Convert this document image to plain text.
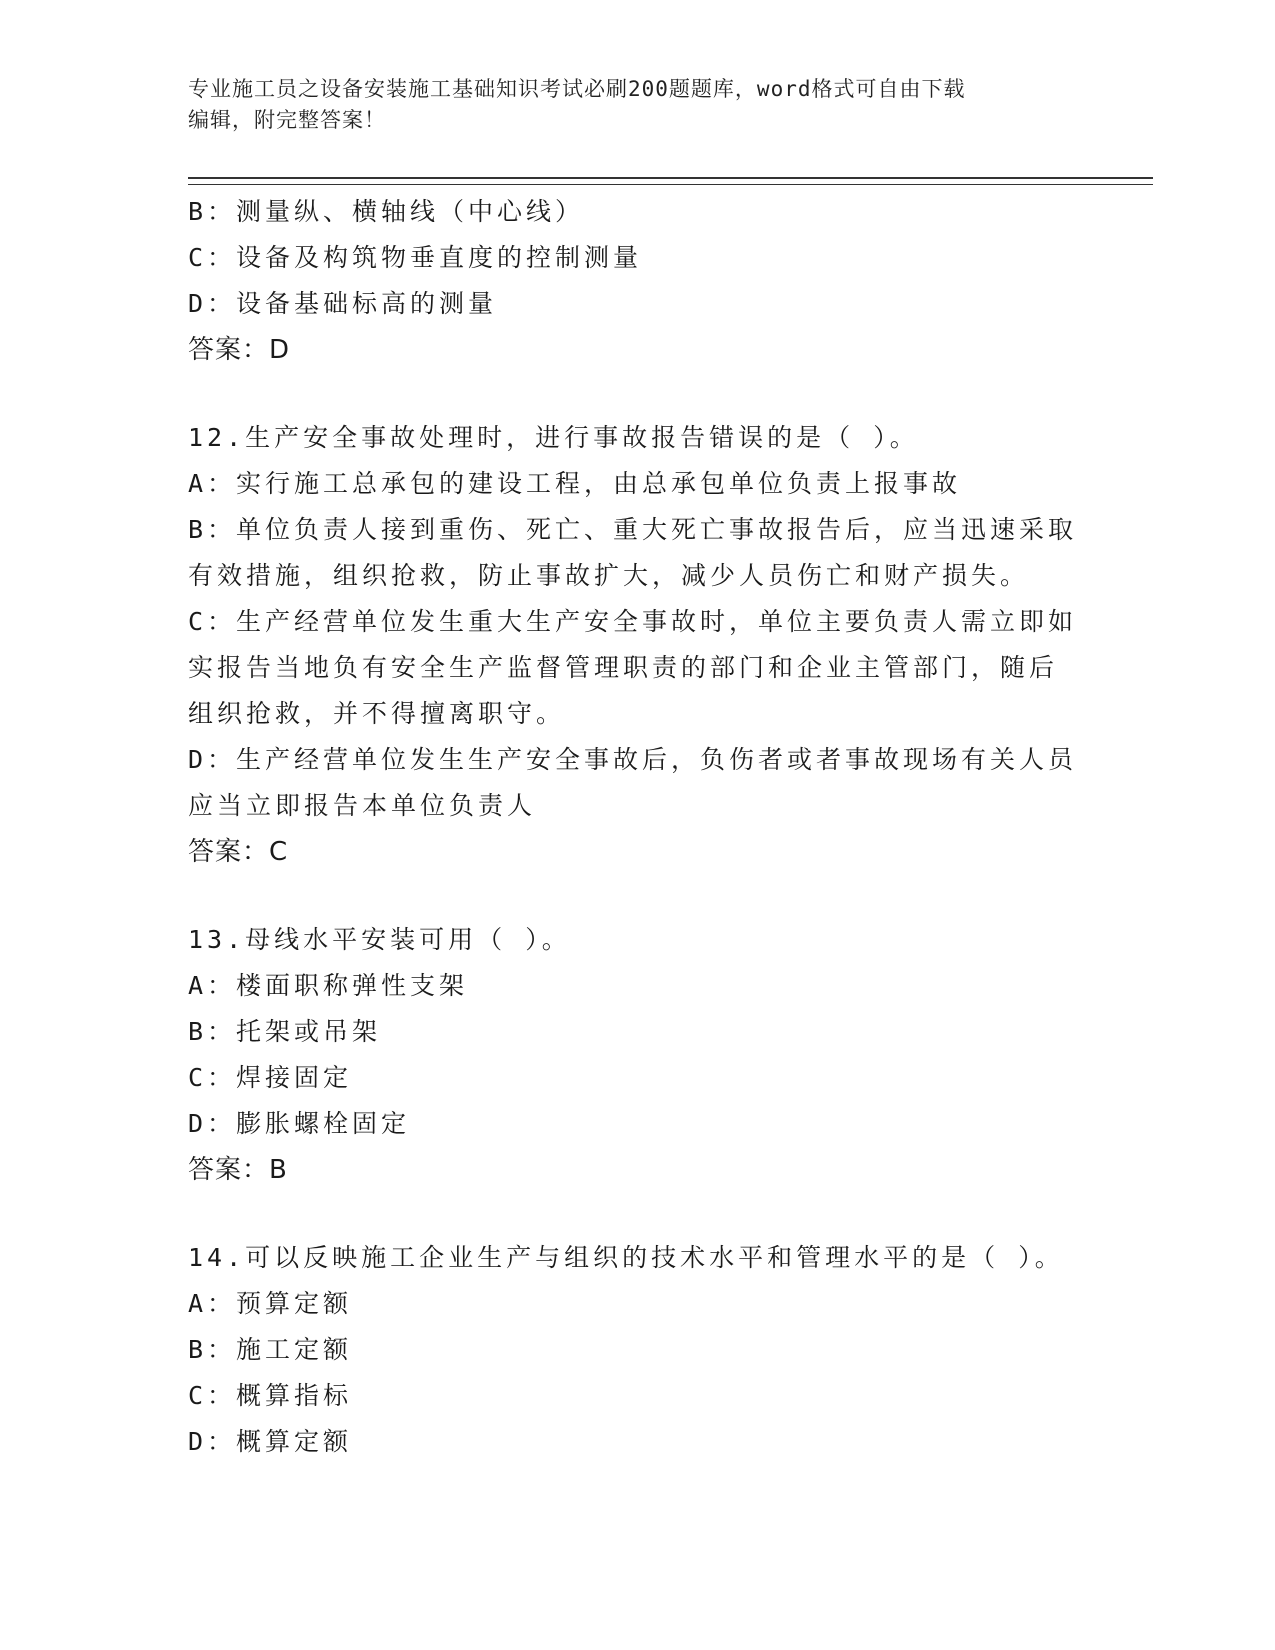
专业施工员之设备安装施工基础知识考试必刷200题题库，word格式可自由下载
编辑，附完整答案！

B：测量纵、横轴线（中心线）

C：设备及构筑物垂直度的控制测量

D：设备基础标高的测量

答案：D

12.生产安全事故处理时，进行事故报告错误的是（ ）。

A：实行施工总承包的建设工程，由总承包单位负责上报事故

B：单位负责人接到重伤、死亡、重大死亡事故报告后，应当迅速采取

有效措施，组织抢救，防止事故扩大，减少人员伤亡和财产损失。

C：生产经营单位发生重大生产安全事故时，单位主要负责人需立即如

实报告当地负有安全生产监督管理职责的部门和企业主管部门，随后

组织抢救，并不得擅离职守。

D：生产经营单位发生生产安全事故后，负伤者或者事故现场有关人员

应当立即报告本单位负责人

答案：C

13.母线水平安装可用（ ）。

A：楼面职称弹性支架

B：托架或吊架

C：焊接固定

D：膨胀螺栓固定

答案：B

14.可以反映施工企业生产与组织的技术水平和管理水平的是（ ）。

A：预算定额

B：施工定额

C：概算指标

D：概算定额
